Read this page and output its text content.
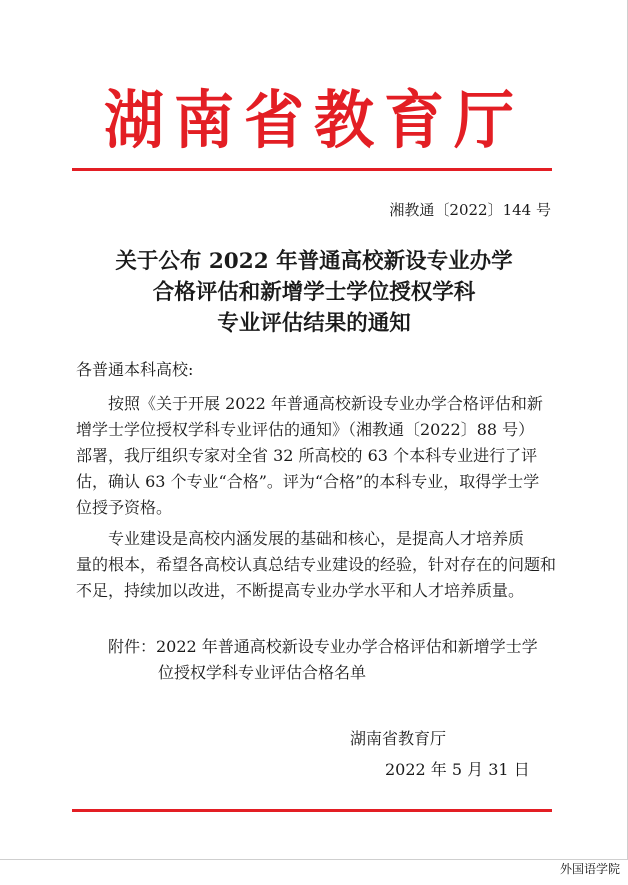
湖南省教育厅
湘教通〔2022〕144 号
关于公布 2022 年普通高校新设专业办学
合格评估和新增学士学位授权学科
专业评估结果的通知
各普通本科高校:
　　按照《关于开展 2022 年普通高校新设专业办学合格评估和新
增学士学位授权学科专业评估的通知》（湘教通〔2022〕88 号）
部署，我厅组织专家对全省 32 所高校的 63 个本科专业进行了评
估，确认 63 个专业“合格”。评为“合格”的本科专业，取得学士学
位授予资格。
　　专业建设是高校内涵发展的基础和核心，是提高人才培养质
量的根本，希望各高校认真总结专业建设的经验，针对存在的问题和
不足，持续加以改进，不断提高专业办学水平和人才培养质量。
附件：2022 年普通高校新设专业办学合格评估和新增学士学
位授权学科专业评估合格名单
湖南省教育厅
2022 年 5 月 31 日
外国语学院
